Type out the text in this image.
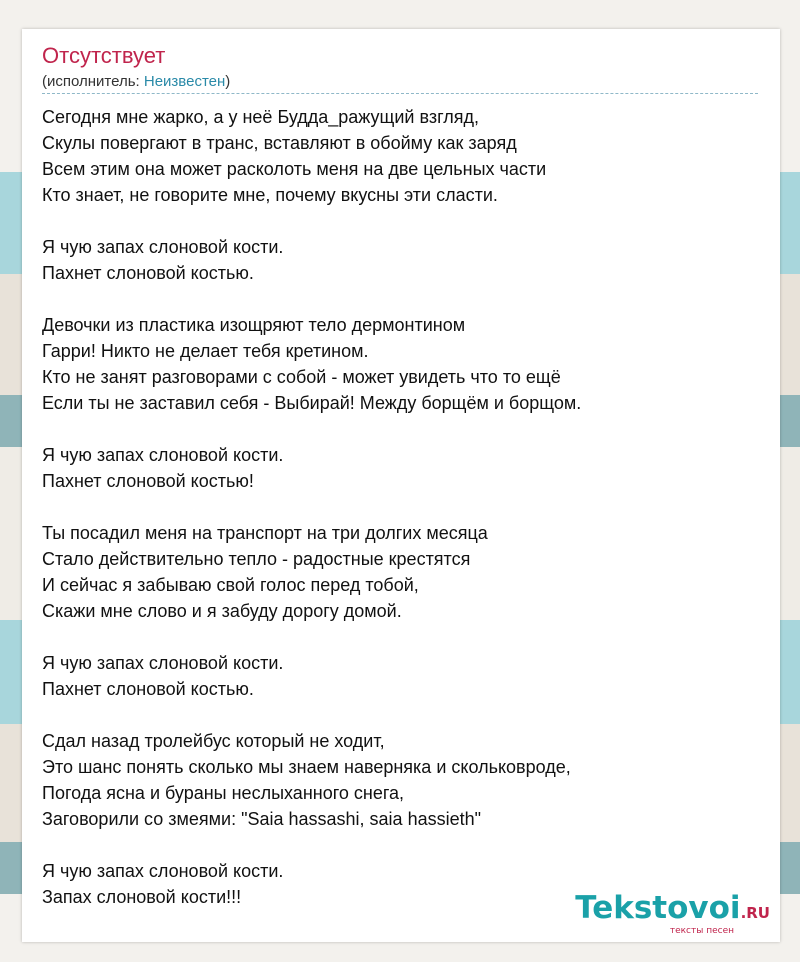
Отсутствует
(исполнитель: Неизвестен)
Сегодня мне жарко, а у неё Будда_ражущий взгляд,
Скулы повергают в транс, вставляют в обойму как заряд
Всем этим она может расколоть меня на две цельных части
Кто знает, не говорите мне, почему вкусны эти сласти.
Я чую запах слоновой кости.
Пахнет слоновой костью.
Девочки из пластика изощряют тело дермонтином
Гарри! Никто не делает тебя кретином.
Кто не занят разговорами с собой - может увидеть что то ещё
Если ты не заставил себя - Выбирай! Между борщём и борщом.
Я чую запах слоновой кости.
Пахнет слоновой костью!
Ты посадил меня на транспорт на три долгих месяца
Стало действительно тепло - радостные крестятся
И сейчас я забываю свой голос перед тобой,
Скажи мне слово и я забуду дорогу домой.
Я чую запах слоновой кости.
Пахнет слоновой костью.
Сдал назад тролейбус который не ходит,
Это шанс понять сколько мы знаем наверняка и скольковроде,
Погода ясна и бураны неслыханного снега,
Заговорили со змеями: "Saia hassashi, saia hassieth"
Я чую запах слоновой кости.
Запах слоновой кости!!!	Tekstovoi.RU
тексты песен
